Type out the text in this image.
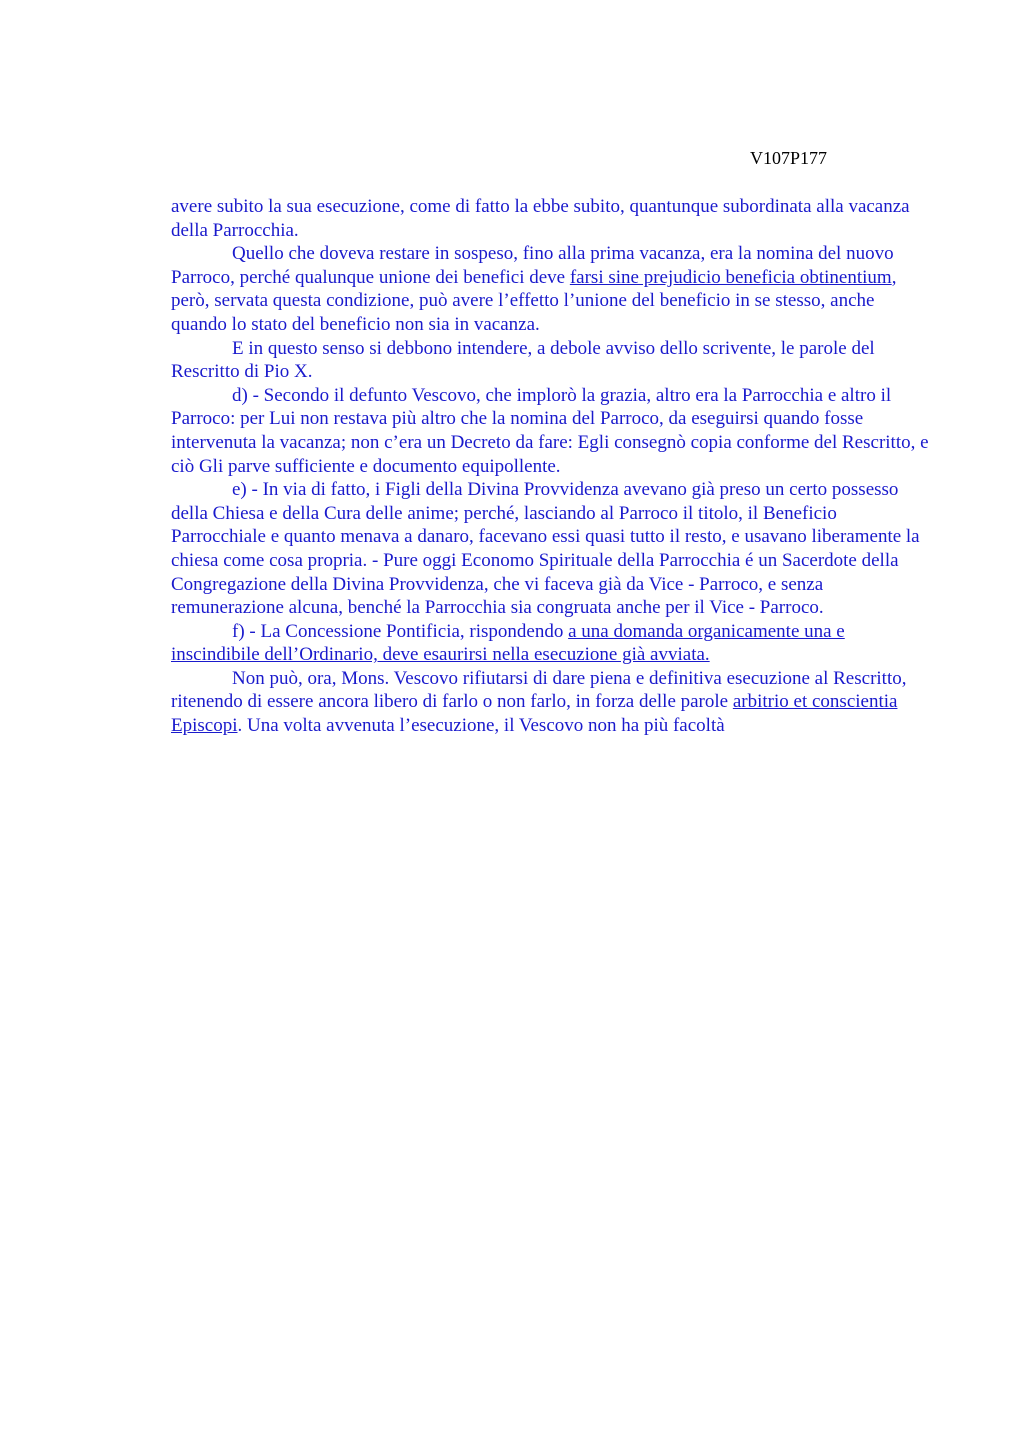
V107P177

avere subito la sua esecuzione, come di fatto la ebbe subito, quantunque subordinata alla vacanza della Parrocchia.

Quello che doveva restare in sospeso, fino alla prima vacanza, era la nomina del nuovo Parroco, perché qualunque unione dei benefici deve farsi sine prejudicio beneficia obtinentium, però, servata questa condizione, può avere l’effetto l’unione del beneficio in se stesso, anche quando lo stato del beneficio non sia in vacanza.

E in questo senso si debbono intendere, a debole avviso dello scrivente, le parole del Rescritto di Pio X.

d) - Secondo il defunto Vescovo, che implorò la grazia, altro era la Parrocchia e altro il Parroco: per Lui non restava più altro che la nomina del Parroco, da eseguirsi quando fosse intervenuta la vacanza; non c’era un Decreto da fare: Egli consegnò copia conforme del Rescritto, e ciò Gli parve sufficiente e documento equipollente.

e) - In via di fatto, i Figli della Divina Provvidenza avevano già preso un certo possesso della Chiesa e della Cura delle anime; perché, lasciando al Parroco il titolo, il Beneficio Parrocchiale e quanto menava a danaro, facevano essi quasi tutto il resto, e usavano liberamente la chiesa come cosa propria. - Pure oggi Economo Spirituale della Parrocchia é un Sacerdote della Congregazione della Divina Provvidenza, che vi faceva già da Vice - Parroco, e senza remunerazione alcuna, benché la Parrocchia sia congruata anche per il Vice - Parroco.

f) - La Concessione Pontificia, rispondendo a una domanda organicamente una e inscindibile dell’Ordinario, deve esaurirsi nella esecuzione già avviata.

Non può, ora, Mons. Vescovo rifiutarsi di dare piena e definitiva esecuzione al Rescritto, ritenendo di essere ancora libero di farlo o non farlo, in forza delle parole arbitrio et conscientia Episcopi. Una volta avvenuta l’esecuzione, il Vescovo non ha più facoltà
